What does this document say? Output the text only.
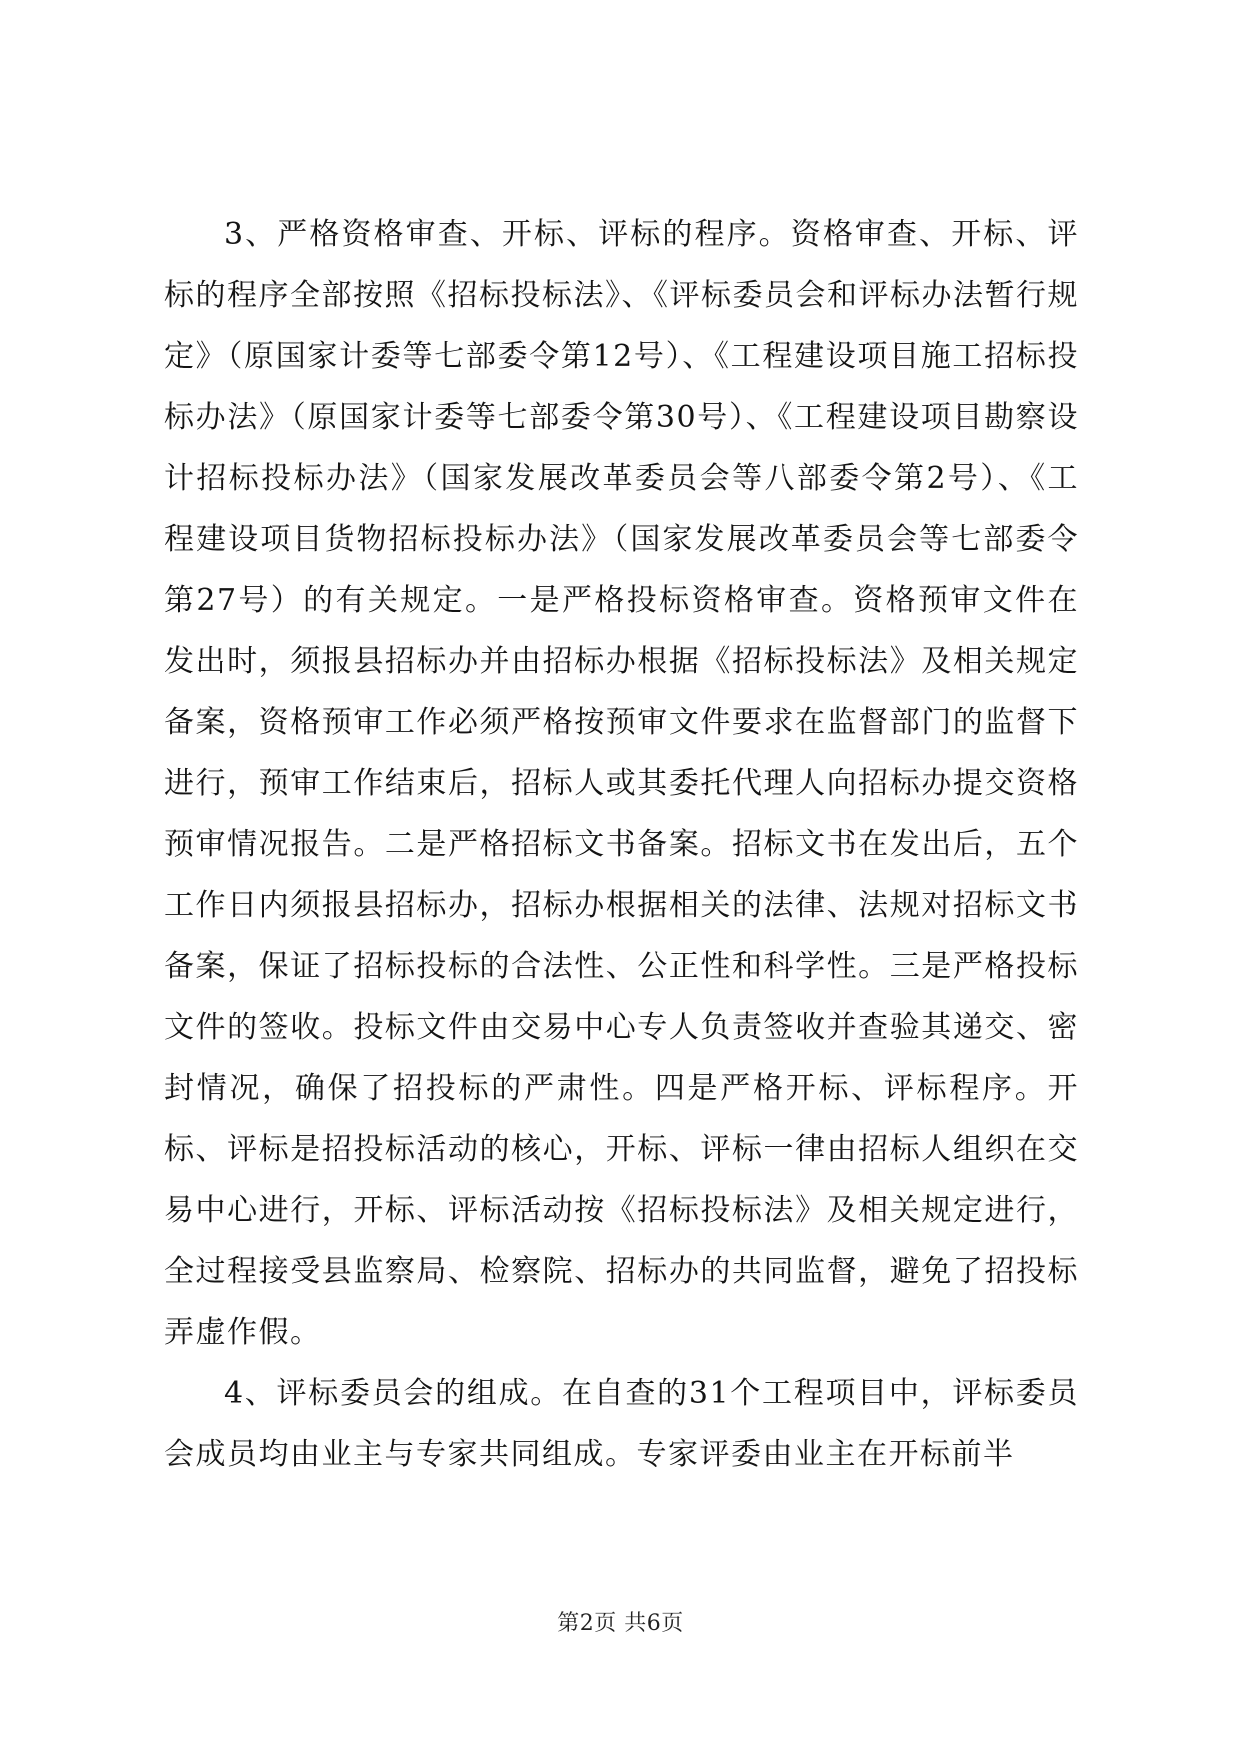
3、严格资格审查、开标、评标的程序。资格审查、开标、评标的程序全部按照《招标投标法》、《评标委员会和评标办法暂行规定》（原国家计委等七部委令第12号）、《工程建设项目施工招标投标办法》（原国家计委等七部委令第30号）、《工程建设项目勘察设计招标投标办法》（国家发展改革委员会等八部委令第2号）、《工程建设项目货物招标投标办法》（国家发展改革委员会等七部委令第27号）的有关规定。一是严格投标资格审查。资格预审文件在发出时，须报县招标办并由招标办根据《招标投标法》及相关规定备案，资格预审工作必须严格按预审文件要求在监督部门的监督下进行，预审工作结束后，招标人或其委托代理人向招标办提交资格预审情况报告。二是严格招标文书备案。招标文书在发出后，五个工作日内须报县招标办，招标办根据相关的法律、法规对招标文书备案，保证了招标投标的合法性、公正性和科学性。三是严格投标文件的签收。投标文件由交易中心专人负责签收并查验其递交、密封情况，确保了招投标的严肃性。四是严格开标、评标程序。开标、评标是招投标活动的核心，开标、评标一律由招标人组织在交易中心进行，开标、评标活动按《招标投标法》及相关规定进行，全过程接受县监察局、检察院、招标办的共同监督，避免了招投标弄虚作假。

4、评标委员会的组成。在自查的31个工程项目中，评标委员会成员均由业主与专家共同组成。专家评委由业主在开标前半

第2页 共6页
